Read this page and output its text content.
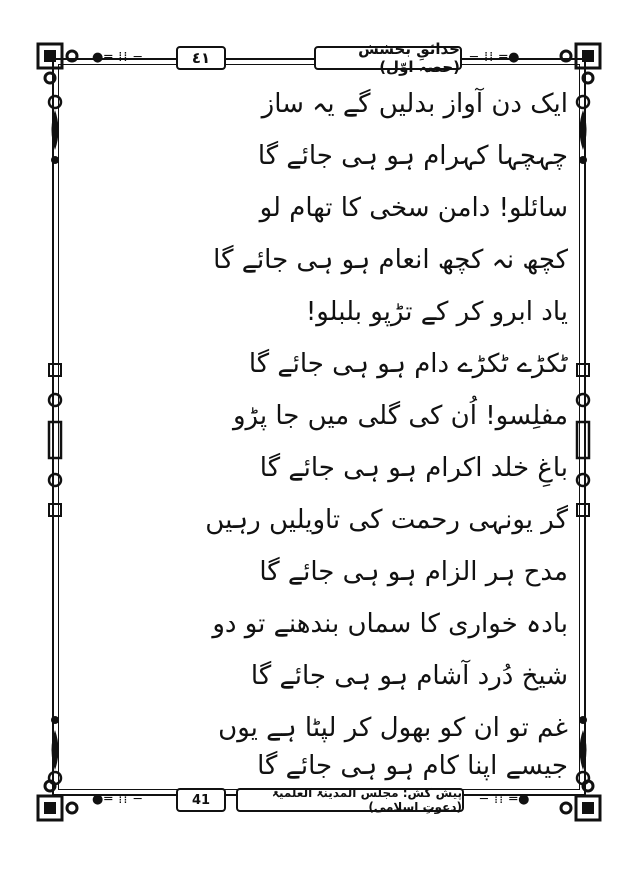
●═ ⁞⁞ ─	─ ⁞⁞ ═●
●═ ⁞⁞ ─	─ ⁞⁞ ═●
٤١	حدائقِ بخشش (حصہ اوّل)
ایک دن آواز بدلیں گے یہ ساز
چہچہا کہرام ہو ہی جائے گا
سائلو! دامن سخی کا تھام لو
کچھ نہ کچھ انعام ہو ہی جائے گا
یاد ابرو کر کے تڑپو بلبلو!
ٹکڑے ٹکڑے دام ہو ہی جائے گا
مفلِسو! اُن کی گلی میں جا پڑو
باغِ خلد اکرام ہو ہی جائے گا
گر یونہی رحمت کی تاویلیں رہیں
مدح ہر الزام ہو ہی جائے گا
بادہ خواری کا سماں بندھنے تو دو
شیخ دُرد آشام ہو ہی جائے گا
غم تو ان کو بھول کر لپٹا ہے یوں
جیسے اپنا کام ہو ہی جائے گا
41	پیش کش: مجلس المدینۃ العلمیۃ (دعوتِ اسلامی)
